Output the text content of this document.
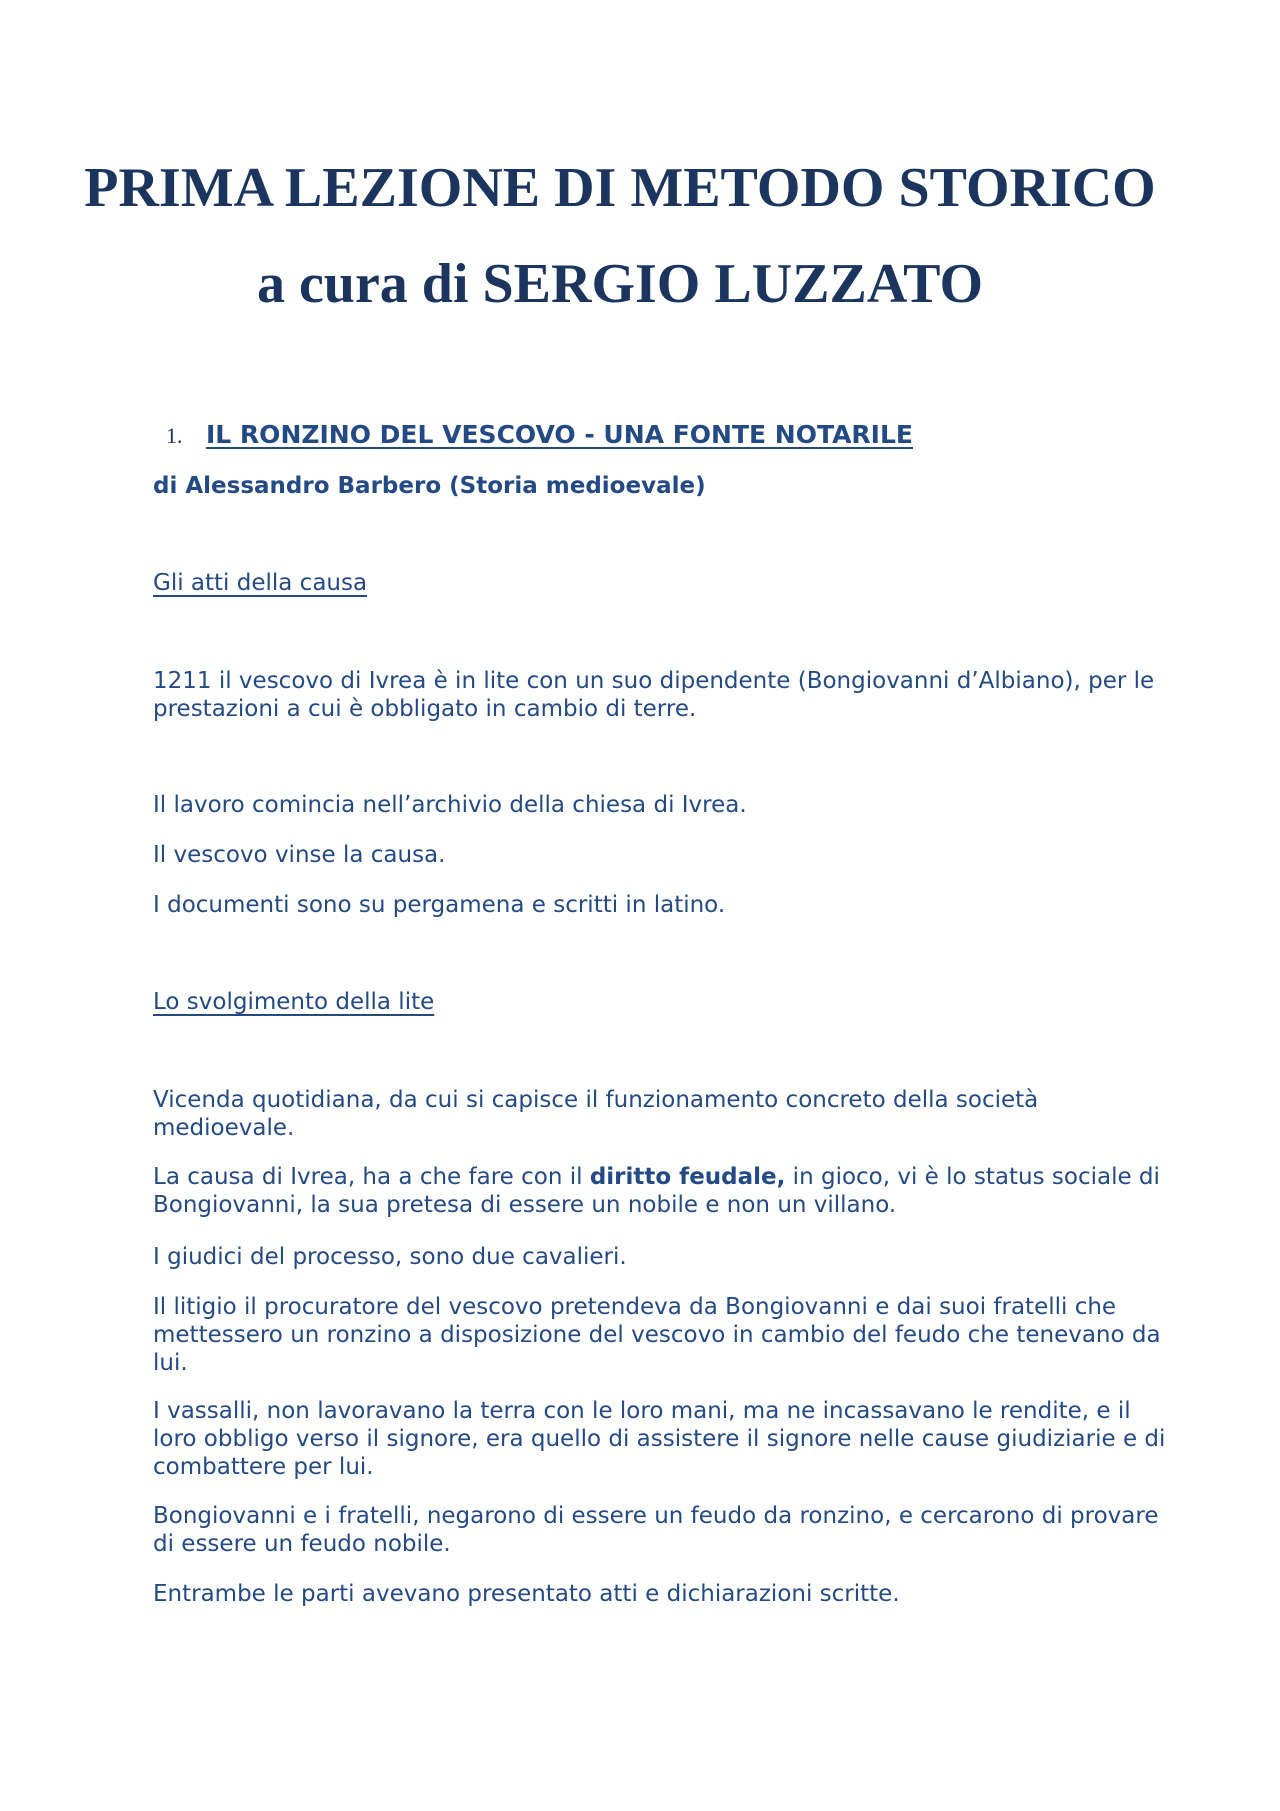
PRIMA LEZIONE DI METODO STORICO
a cura di SERGIO LUZZATO
1. IL RONZINO DEL VESCOVO - UNA FONTE NOTARILE
di Alessandro Barbero (Storia medioevale)
Gli atti della causa

1211 il vescovo di Ivrea è in lite con un suo dipendente (Bongiovanni d’Albiano), per le prestazioni a cui è obbligato in cambio di terre.

Il lavoro comincia nell’archivio della chiesa di Ivrea.

Il vescovo vinse la causa.

I documenti sono su pergamena e scritti in latino.

Lo svolgimento della lite

Vicenda quotidiana, da cui si capisce il funzionamento concreto della società medioevale.

La causa di Ivrea, ha a che fare con il diritto feudale, in gioco, vi è lo status sociale di Bongiovanni, la sua pretesa di essere un nobile e non un villano.

I giudici del processo, sono due cavalieri.

Il litigio il procuratore del vescovo pretendeva da Bongiovanni e dai suoi fratelli che mettessero un ronzino a disposizione del vescovo in cambio del feudo che tenevano da lui.

I vassalli, non lavoravano la terra con le loro mani, ma ne incassavano le rendite, e il loro obbligo verso il signore, era quello di assistere il signore nelle cause giudiziarie e di combattere per lui.

Bongiovanni e i fratelli, negarono di essere un feudo da ronzino, e cercarono di provare di essere un feudo nobile.

Entrambe le parti avevano presentato atti e dichiarazioni scritte.
